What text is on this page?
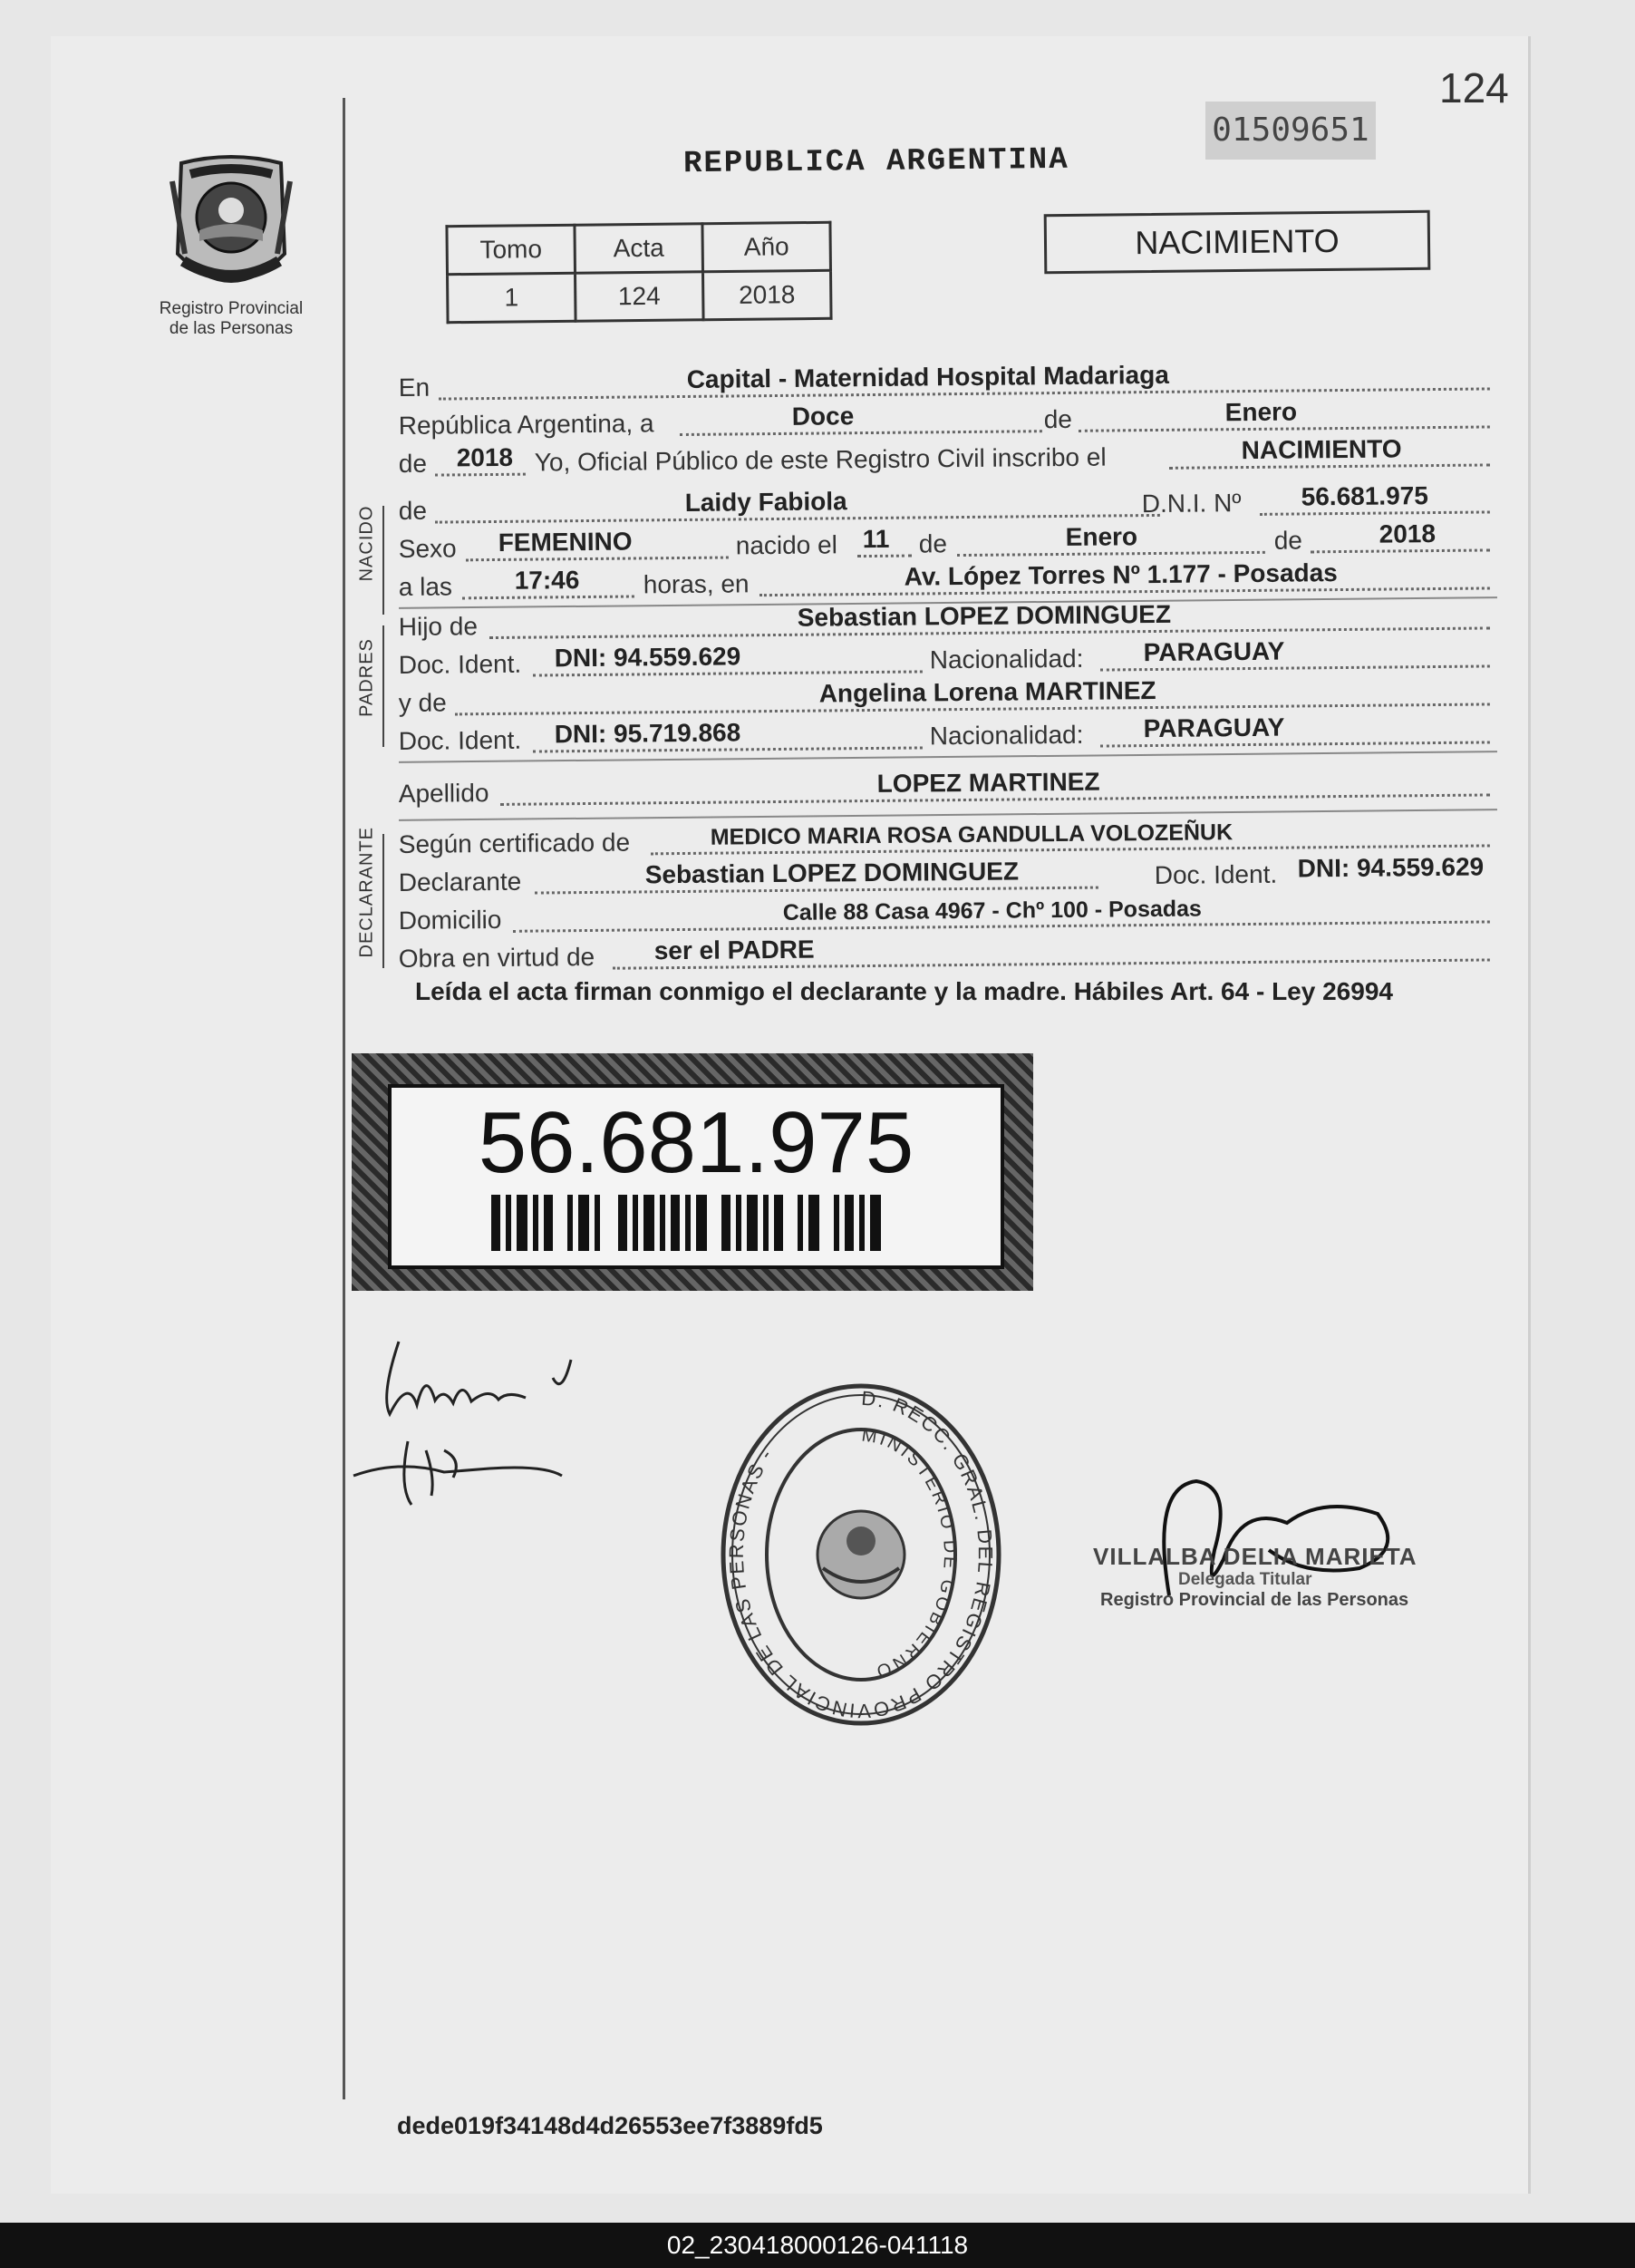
124
01509651
REPUBLICA ARGENTINA
Registro Provincial
de las Personas
Tomo	Acta	Año
1	124	2018
NACIMIENTO
En	Capital - Maternidad Hospital Madariaga
República Argentina, a	Doce	de	Enero
de 2018 Yo, Oficial Público de este Registro Civil inscribo el	NACIMIENTO
NACIDO de	Laidy Fabiola	D.N.I. Nº 56.681.975
Sexo FEMENINO	nacido el 11 de	Enero	de	2018
a las 17:46	horas, en	Av. López Torres Nº 1.177 - Posadas
PADRES
Hijo de	Sebastian LOPEZ DOMINGUEZ
Doc. Ident. DNI: 94.559.629	Nacionalidad: PARAGUAY
y de	Angelina Lorena MARTINEZ
Doc. Ident. DNI: 95.719.868	Nacionalidad: PARAGUAY
Apellido	LOPEZ MARTINEZ
DECLARANTE Según certificado de	MEDICO MARIA ROSA GANDULLA VOLOZEÑUK
Declarante	Sebastian LOPEZ DOMINGUEZ	Doc. Ident. DNI: 94.559.629
Domicilio	Calle 88 Casa 4967 - Chº 100 - Posadas
Obra en virtud de ser el PADRE
Leída el acta firman conmigo el declarante y la madre. Hábiles Art. 64 - Ley 26994
56.681.975
D. RECC. GRAL. DEL REGISTRO PROVINCIAL DE LAS PERSONAS -
MINISTERIO DE GOBIERNO
VILLALBA DELIA MARIETA
Delegada Titular
Registro Provincial de las Personas
dede019f34148d4d26553ee7f3889fd5
02_230418000126-041118
